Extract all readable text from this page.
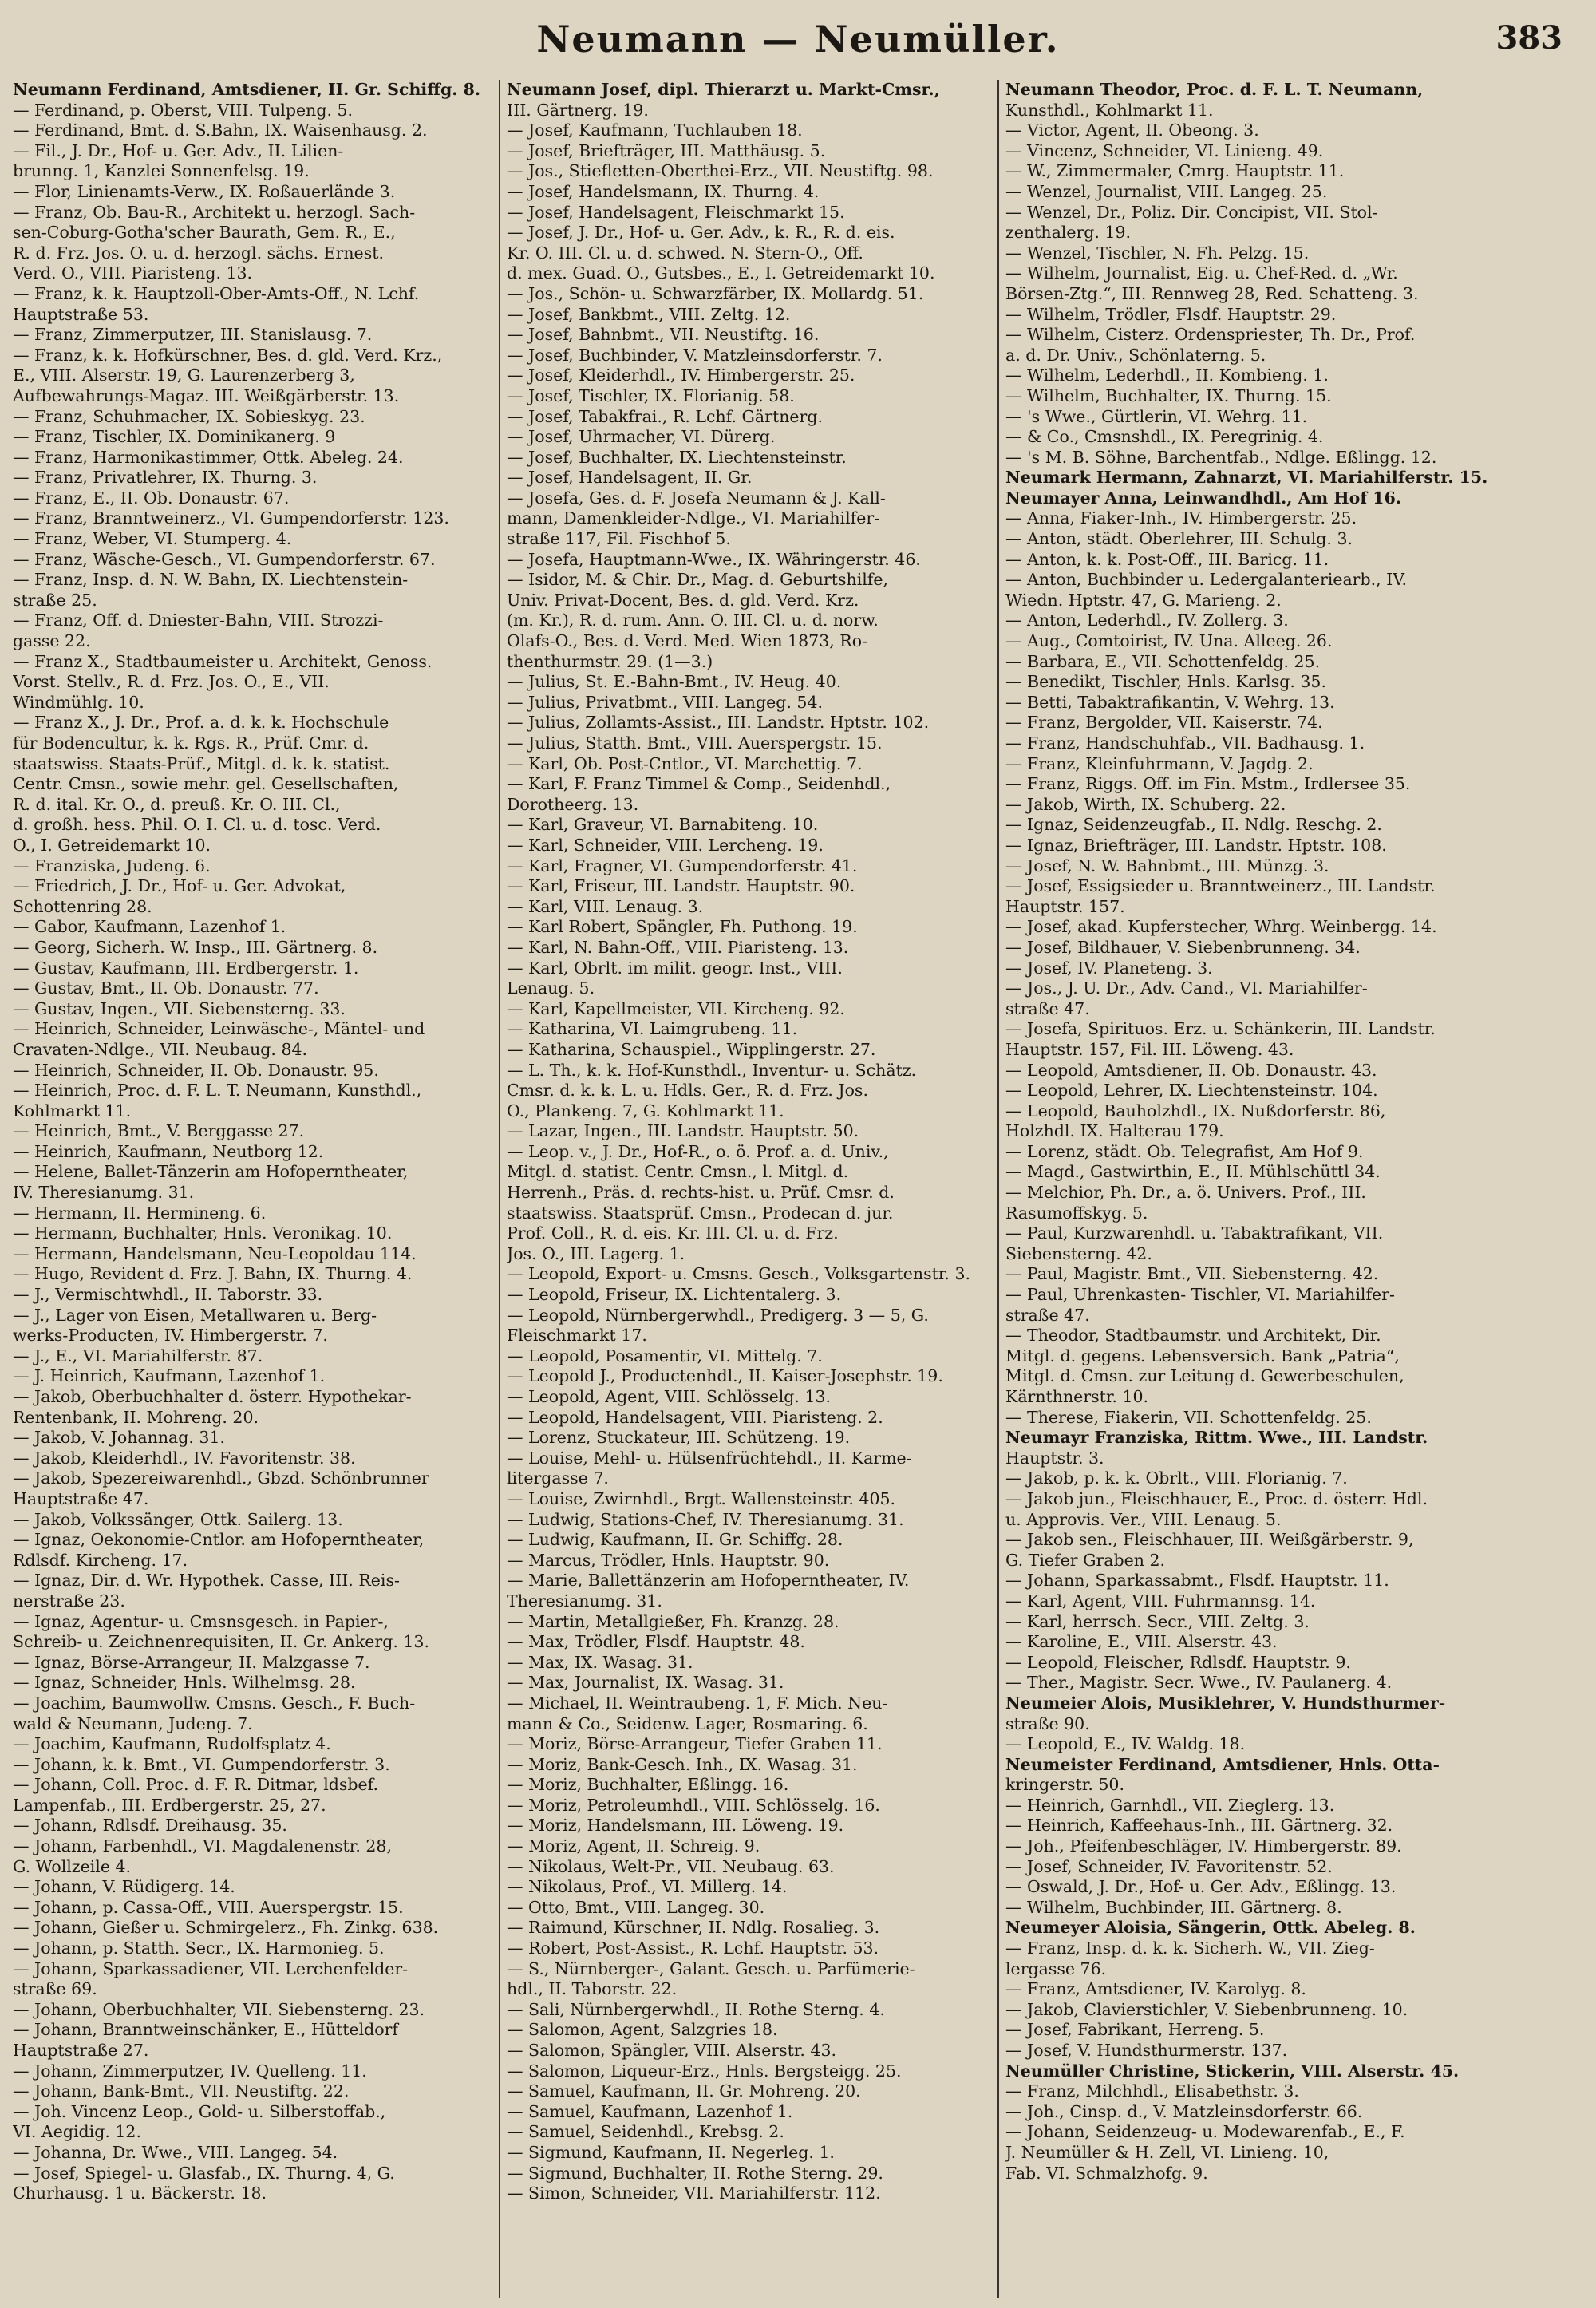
Neumann — Neumüller.	383
Neumann Ferdinand, Amtsdiener, II. Gr. Schiffg. 8.
— Ferdinand, p. Oberst, VIII. Tulpeng. 5.
— Ferdinand, Bmt. d. S.Bahn, IX. Waisenhausg. 2.
— Fil., J. Dr., Hof- u. Ger. Adv., II. Lilien-
brunng. 1, Kanzlei Sonnenfelsg. 19.
— Flor, Linienamts-Verw., IX. Roßauerlände 3.
— Franz, Ob. Bau-R., Architekt u. herzogl. Sach-
sen-Coburg-Gotha'scher Baurath, Gem. R., E.,
R. d. Frz. Jos. O. u. d. herzogl. sächs. Ernest.
Verd. O., VIII. Piaristeng. 13.
— Franz, k. k. Hauptzoll-Ober-Amts-Off., N. Lchf.
Hauptstraße 53.
— Franz, Zimmerputzer, III. Stanislausg. 7.
— Franz, k. k. Hofkürschner, Bes. d. gld. Verd. Krz.,
E., VIII. Alserstr. 19, G. Laurenzerberg 3,
Aufbewahrungs-Magaz. III. Weißgärberstr. 13.
— Franz, Schuhmacher, IX. Sobieskyg. 23.
— Franz, Tischler, IX. Dominikanerg. 9
— Franz, Harmonikastimmer, Ottk. Abeleg. 24.
— Franz, Privatlehrer, IX. Thurng. 3.
— Franz, E., II. Ob. Donaustr. 67.
— Franz, Branntweinerz., VI. Gumpendorferstr. 123.
— Franz, Weber, VI. Stumperg. 4.
— Franz, Wäsche-Gesch., VI. Gumpendorferstr. 67.
— Franz, Insp. d. N. W. Bahn, IX. Liechtenstein-
straße 25.
— Franz, Off. d. Dniester-Bahn, VIII. Strozzi-
gasse 22.
— Franz X., Stadtbaumeister u. Architekt, Genoss.
Vorst. Stellv., R. d. Frz. Jos. O., E., VII.
Windmühlg. 10.
— Franz X., J. Dr., Prof. a. d. k. k. Hochschule
für Bodencultur, k. k. Rgs. R., Prüf. Cmr. d.
staatswiss. Staats-Prüf., Mitgl. d. k. k. statist.
Centr. Cmsn., sowie mehr. gel. Gesellschaften,
R. d. ital. Kr. O., d. preuß. Kr. O. III. Cl.,
d. großh. hess. Phil. O. I. Cl. u. d. tosc. Verd.
O., I. Getreidemarkt 10.
— Franziska, Judeng. 6.
— Friedrich, J. Dr., Hof- u. Ger. Advokat,
Schottenring 28.
— Gabor, Kaufmann, Lazenhof 1.
— Georg, Sicherh. W. Insp., III. Gärtnerg. 8.
— Gustav, Kaufmann, III. Erdbergerstr. 1.
— Gustav, Bmt., II. Ob. Donaustr. 77.
— Gustav, Ingen., VII. Siebensterng. 33.
— Heinrich, Schneider, Leinwäsche-, Mäntel- und
Cravaten-Ndlge., VII. Neubaug. 84.
— Heinrich, Schneider, II. Ob. Donaustr. 95.
— Heinrich, Proc. d. F. L. T. Neumann, Kunsthdl.,
Kohlmarkt 11.
— Heinrich, Bmt., V. Berggasse 27.
— Heinrich, Kaufmann, Neutborg 12.
— Helene, Ballet-Tänzerin am Hofoperntheater,
IV. Theresianumg. 31.
— Hermann, II. Hermineng. 6.
— Hermann, Buchhalter, Hnls. Veronikag. 10.
— Hermann, Handelsmann, Neu-Leopoldau 114.
— Hugo, Revident d. Frz. J. Bahn, IX. Thurng. 4.
— J., Vermischtwhdl., II. Taborstr. 33.
— J., Lager von Eisen, Metallwaren u. Berg-
werks-Producten, IV. Himbergerstr. 7.
— J., E., VI. Mariahilferstr. 87.
— J. Heinrich, Kaufmann, Lazenhof 1.
— Jakob, Oberbuchhalter d. österr. Hypothekar-
Rentenbank, II. Mohreng. 20.
— Jakob, V. Johannag. 31.
— Jakob, Kleiderhdl., IV. Favoritenstr. 38.
— Jakob, Spezereiwarenhdl., Gbzd. Schönbrunner
Hauptstraße 47.
— Jakob, Volkssänger, Ottk. Sailerg. 13.
— Ignaz, Oekonomie-Cntlor. am Hofoperntheater,
Rdlsdf. Kircheng. 17.
— Ignaz, Dir. d. Wr. Hypothek. Casse, III. Reis-
nerstraße 23.
— Ignaz, Agentur- u. Cmsnsgesch. in Papier-,
Schreib- u. Zeichnenrequisiten, II. Gr. Ankerg. 13.
— Ignaz, Börse-Arrangeur, II. Malzgasse 7.
— Ignaz, Schneider, Hnls. Wilhelmsg. 28.
— Joachim, Baumwollw. Cmsns. Gesch., F. Buch-
wald & Neumann, Judeng. 7.
— Joachim, Kaufmann, Rudolfsplatz 4.
— Johann, k. k. Bmt., VI. Gumpendorferstr. 3.
— Johann, Coll. Proc. d. F. R. Ditmar, ldsbef.
Lampenfab., III. Erdbergerstr. 25, 27.
— Johann, Rdlsdf. Dreihausg. 35.
— Johann, Farbenhdl., VI. Magdalenenstr. 28,
G. Wollzeile 4.
— Johann, V. Rüdigerg. 14.
— Johann, p. Cassa-Off., VIII. Auerspergstr. 15.
— Johann, Gießer u. Schmirgelerz., Fh. Zinkg. 638.
— Johann, p. Statth. Secr., IX. Harmonieg. 5.
— Johann, Sparkassadiener, VII. Lerchenfelder-
straße 69.
— Johann, Oberbuchhalter, VII. Siebensterng. 23.
— Johann, Branntweinschänker, E., Hütteldorf
Hauptstraße 27.
— Johann, Zimmerputzer, IV. Quelleng. 11.
— Johann, Bank-Bmt., VII. Neustiftg. 22.
— Joh. Vincenz Leop., Gold- u. Silberstoffab.,
VI. Aegidig. 12.
— Johanna, Dr. Wwe., VIII. Langeg. 54.
— Josef, Spiegel- u. Glasfab., IX. Thurng. 4, G.
Churhausg. 1 u. Bäckerstr. 18.
Neumann Josef, dipl. Thierarzt u. Markt-Cmsr.,
III. Gärtnerg. 19.
— Josef, Kaufmann, Tuchlauben 18.
— Josef, Briefträger, III. Matthäusg. 5.
— Jos., Stiefletten-Oberthei-Erz., VII. Neustiftg. 98.
— Josef, Handelsmann, IX. Thurng. 4.
— Josef, Handelsagent, Fleischmarkt 15.
— Josef, J. Dr., Hof- u. Ger. Adv., k. R., R. d. eis.
Kr. O. III. Cl. u. d. schwed. N. Stern-O., Off.
d. mex. Guad. O., Gutsbes., E., I. Getreidemarkt 10.
— Jos., Schön- u. Schwarzfärber, IX. Mollardg. 51.
— Josef, Bankbmt., VIII. Zeltg. 12.
— Josef, Bahnbmt., VII. Neustiftg. 16.
— Josef, Buchbinder, V. Matzleinsdorferstr. 7.
— Josef, Kleiderhdl., IV. Himbergerstr. 25.
— Josef, Tischler, IX. Florianig. 58.
— Josef, Tabakfrai., R. Lchf. Gärtnerg.
— Josef, Uhrmacher, VI. Dürerg.
— Josef, Buchhalter, IX. Liechtensteinstr.
— Josef, Handelsagent, II. Gr.
— Josefa, Ges. d. F. Josefa Neumann & J. Kall-
mann, Damenkleider-Ndlge., VI. Mariahilfer-
straße 117, Fil. Fischhof 5.
— Josefa, Hauptmann-Wwe., IX. Währingerstr. 46.
— Isidor, M. & Chir. Dr., Mag. d. Geburtshilfe,
Univ. Privat-Docent, Bes. d. gld. Verd. Krz.
(m. Kr.), R. d. rum. Ann. O. III. Cl. u. d. norw.
Olafs-O., Bes. d. Verd. Med. Wien 1873, Ro-
thenthurmstr. 29. (1—3.)
— Julius, St. E.-Bahn-Bmt., IV. Heug. 40.
— Julius, Privatbmt., VIII. Langeg. 54.
— Julius, Zollamts-Assist., III. Landstr. Hptstr. 102.
— Julius, Statth. Bmt., VIII. Auerspergstr. 15.
— Karl, Ob. Post-Cntlor., VI. Marchettig. 7.
— Karl, F. Franz Timmel & Comp., Seidenhdl.,
Dorotheerg. 13.
— Karl, Graveur, VI. Barnabiteng. 10.
— Karl, Schneider, VIII. Lercheng. 19.
— Karl, Fragner, VI. Gumpendorferstr. 41.
— Karl, Friseur, III. Landstr. Hauptstr. 90.
— Karl, VIII. Lenaug. 3.
— Karl Robert, Spängler, Fh. Puthong. 19.
— Karl, N. Bahn-Off., VIII. Piaristeng. 13.
— Karl, Obrlt. im milit. geogr. Inst., VIII.
Lenaug. 5.
— Karl, Kapellmeister, VII. Kircheng. 92.
— Katharina, VI. Laimgrubeng. 11.
— Katharina, Schauspiel., Wipplingerstr. 27.
— L. Th., k. k. Hof-Kunsthdl., Inventur- u. Schätz.
Cmsr. d. k. k. L. u. Hdls. Ger., R. d. Frz. Jos.
O., Plankeng. 7, G. Kohlmarkt 11.
— Lazar, Ingen., III. Landstr. Hauptstr. 50.
— Leop. v., J. Dr., Hof-R., o. ö. Prof. a. d. Univ.,
Mitgl. d. statist. Centr. Cmsn., l. Mitgl. d.
Herrenh., Präs. d. rechts-hist. u. Prüf. Cmsr. d.
staatswiss. Staatsprüf. Cmsn., Prodecan d. jur.
Prof. Coll., R. d. eis. Kr. III. Cl. u. d. Frz.
Jos. O., III. Lagerg. 1.
— Leopold, Export- u. Cmsns. Gesch., Volksgartenstr. 3.
— Leopold, Friseur, IX. Lichtentalerg. 3.
— Leopold, Nürnbergerwhdl., Predigerg. 3 — 5, G.
Fleischmarkt 17.
— Leopold, Posamentir, VI. Mittelg. 7.
— Leopold J., Productenhdl., II. Kaiser-Josephstr. 19.
— Leopold, Agent, VIII. Schlösselg. 13.
— Leopold, Handelsagent, VIII. Piaristeng. 2.
— Lorenz, Stuckateur, III. Schützeng. 19.
— Louise, Mehl- u. Hülsenfrüchtehdl., II. Karme-
litergasse 7.
— Louise, Zwirnhdl., Brgt. Wallensteinstr. 405.
— Ludwig, Stations-Chef, IV. Theresianumg. 31.
— Ludwig, Kaufmann, II. Gr. Schiffg. 28.
— Marcus, Trödler, Hnls. Hauptstr. 90.
— Marie, Ballettänzerin am Hofoperntheater, IV.
Theresianumg. 31.
— Martin, Metallgießer, Fh. Kranzg. 28.
— Max, Trödler, Flsdf. Hauptstr. 48.
— Max, IX. Wasag. 31.
— Max, Journalist, IX. Wasag. 31.
— Michael, II. Weintraubeng. 1, F. Mich. Neu-
mann & Co., Seidenw. Lager, Rosmaring. 6.
— Moriz, Börse-Arrangeur, Tiefer Graben 11.
— Moriz, Bank-Gesch. Inh., IX. Wasag. 31.
— Moriz, Buchhalter, Eßlingg. 16.
— Moriz, Petroleumhdl., VIII. Schlösselg. 16.
— Moriz, Handelsmann, III. Löweng. 19.
— Moriz, Agent, II. Schreig. 9.
— Nikolaus, Welt-Pr., VII. Neubaug. 63.
— Nikolaus, Prof., VI. Millerg. 14.
— Otto, Bmt., VIII. Langeg. 30.
— Raimund, Kürschner, II. Ndlg. Rosalieg. 3.
— Robert, Post-Assist., R. Lchf. Hauptstr. 53.
— S., Nürnberger-, Galant. Gesch. u. Parfümerie-
hdl., II. Taborstr. 22.
— Sali, Nürnbergerwhdl., II. Rothe Sterng. 4.
— Salomon, Agent, Salzgries 18.
— Salomon, Spängler, VIII. Alserstr. 43.
— Salomon, Liqueur-Erz., Hnls. Bergsteigg. 25.
— Samuel, Kaufmann, II. Gr. Mohreng. 20.
— Samuel, Kaufmann, Lazenhof 1.
— Samuel, Seidenhdl., Krebsg. 2.
— Sigmund, Kaufmann, II. Negerleg. 1.
— Sigmund, Buchhalter, II. Rothe Sterng. 29.
— Simon, Schneider, VII. Mariahilferstr. 112.
Neumann Theodor, Proc. d. F. L. T. Neumann,
Kunsthdl., Kohlmarkt 11.
— Victor, Agent, II. Obeong. 3.
— Vincenz, Schneider, VI. Linieng. 49.
— W., Zimmermaler, Cmrg. Hauptstr. 11.
— Wenzel, Journalist, VIII. Langeg. 25.
— Wenzel, Dr., Poliz. Dir. Concipist, VII. Stol-
zenthalerg. 19.
— Wenzel, Tischler, N. Fh. Pelzg. 15.
— Wilhelm, Journalist, Eig. u. Chef-Red. d. „Wr.
Börsen-Ztg.“, III. Rennweg 28, Red. Schatteng. 3.
— Wilhelm, Trödler, Flsdf. Hauptstr. 29.
— Wilhelm, Cisterz. Ordenspriester, Th. Dr., Prof.
a. d. Dr. Univ., Schönlaterng. 5.
— Wilhelm, Lederhdl., II. Kombieng. 1.
— Wilhelm, Buchhalter, IX. Thurng. 15.
— 's Wwe., Gürtlerin, VI. Wehrg. 11.
— & Co., Cmsnshdl., IX. Peregrinig. 4.
— 's M. B. Söhne, Barchentfab., Ndlge. Eßlingg. 12.
Neumark Hermann, Zahnarzt, VI. Mariahilferstr. 15.
Neumayer Anna, Leinwandhdl., Am Hof 16.
— Anna, Fiaker-Inh., IV. Himbergerstr. 25.
— Anton, städt. Oberlehrer, III. Schulg. 3.
— Anton, k. k. Post-Off., III. Baricg. 11.
— Anton, Buchbinder u. Ledergalanteriearb., IV.
Wiedn. Hptstr. 47, G. Marieng. 2.
— Anton, Lederhdl., IV. Zollerg. 3.
— Aug., Comtoirist, IV. Una. Alleeg. 26.
— Barbara, E., VII. Schottenfeldg. 25.
— Benedikt, Tischler, Hnls. Karlsg. 35.
— Betti, Tabaktrafikantin, V. Wehrg. 13.
— Franz, Bergolder, VII. Kaiserstr. 74.
— Franz, Handschuhfab., VII. Badhausg. 1.
— Franz, Kleinfuhrmann, V. Jagdg. 2.
— Franz, Riggs. Off. im Fin. Mstm., Irdlersee 35.
— Jakob, Wirth, IX. Schuberg. 22.
— Ignaz, Seidenzeugfab., II. Ndlg. Reschg. 2.
— Ignaz, Briefträger, III. Landstr. Hptstr. 108.
— Josef, N. W. Bahnbmt., III. Münzg. 3.
— Josef, Essigsieder u. Branntweinerz., III. Landstr.
Hauptstr. 157.
— Josef, akad. Kupferstecher, Whrg. Weinbergg. 14.
— Josef, Bildhauer, V. Siebenbrunneng. 34.
— Josef, IV. Planeteng. 3.
— Jos., J. U. Dr., Adv. Cand., VI. Mariahilfer-
straße 47.
— Josefa, Spirituos. Erz. u. Schänkerin, III. Landstr.
Hauptstr. 157, Fil. III. Löweng. 43.
— Leopold, Amtsdiener, II. Ob. Donaustr. 43.
— Leopold, Lehrer, IX. Liechtensteinstr. 104.
— Leopold, Bauholzhdl., IX. Nußdorferstr. 86,
Holzhdl. IX. Halterau 179.
— Lorenz, städt. Ob. Telegrafist, Am Hof 9.
— Magd., Gastwirthin, E., II. Mühlschüttl 34.
— Melchior, Ph. Dr., a. ö. Univers. Prof., III.
Rasumoffskyg. 5.
— Paul, Kurzwarenhdl. u. Tabaktrafikant, VII.
Siebensterng. 42.
— Paul, Magistr. Bmt., VII. Siebensterng. 42.
— Paul, Uhrenkasten- Tischler, VI. Mariahilfer-
straße 47.
— Theodor, Stadtbaumstr. und Architekt, Dir.
Mitgl. d. gegens. Lebensversich. Bank „Patria“,
Mitgl. d. Cmsn. zur Leitung d. Gewerbeschulen,
Kärnthnerstr. 10.
— Therese, Fiakerin, VII. Schottenfeldg. 25.
Neumayr Franziska, Rittm. Wwe., III. Landstr.
Hauptstr. 3.
— Jakob, p. k. k. Obrlt., VIII. Florianig. 7.
— Jakob jun., Fleischhauer, E., Proc. d. österr. Hdl.
u. Approvis. Ver., VIII. Lenaug. 5.
— Jakob sen., Fleischhauer, III. Weißgärberstr. 9,
G. Tiefer Graben 2.
— Johann, Sparkassabmt., Flsdf. Hauptstr. 11.
— Karl, Agent, VIII. Fuhrmannsg. 14.
— Karl, herrsch. Secr., VIII. Zeltg. 3.
— Karoline, E., VIII. Alserstr. 43.
— Leopold, Fleischer, Rdlsdf. Hauptstr. 9.
— Ther., Magistr. Secr. Wwe., IV. Paulanerg. 4.
Neumeier Alois, Musiklehrer, V. Hundsthurmer-
straße 90.
— Leopold, E., IV. Waldg. 18.
Neumeister Ferdinand, Amtsdiener, Hnls. Otta-
kringerstr. 50.
— Heinrich, Garnhdl., VII. Zieglerg. 13.
— Heinrich, Kaffeehaus-Inh., III. Gärtnerg. 32.
— Joh., Pfeifenbeschläger, IV. Himbergerstr. 89.
— Josef, Schneider, IV. Favoritenstr. 52.
— Oswald, J. Dr., Hof- u. Ger. Adv., Eßlingg. 13.
— Wilhelm, Buchbinder, III. Gärtnerg. 8.
Neumeyer Aloisia, Sängerin, Ottk. Abeleg. 8.
— Franz, Insp. d. k. k. Sicherh. W., VII. Zieg-
lergasse 76.
— Franz, Amtsdiener, IV. Karolyg. 8.
— Jakob, Clavierstichler, V. Siebenbrunneng. 10.
— Josef, Fabrikant, Herreng. 5.
— Josef, V. Hundsthurmerstr. 137.
Neumüller Christine, Stickerin, VIII. Alserstr. 45.
— Franz, Milchhdl., Elisabethstr. 3.
— Joh., Cinsp. d., V. Matzleinsdorferstr. 66.
— Johann, Seidenzeug- u. Modewarenfab., E., F.
J. Neumüller & H. Zell, VI. Linieng. 10,
Fab. VI. Schmalzhofg. 9.
